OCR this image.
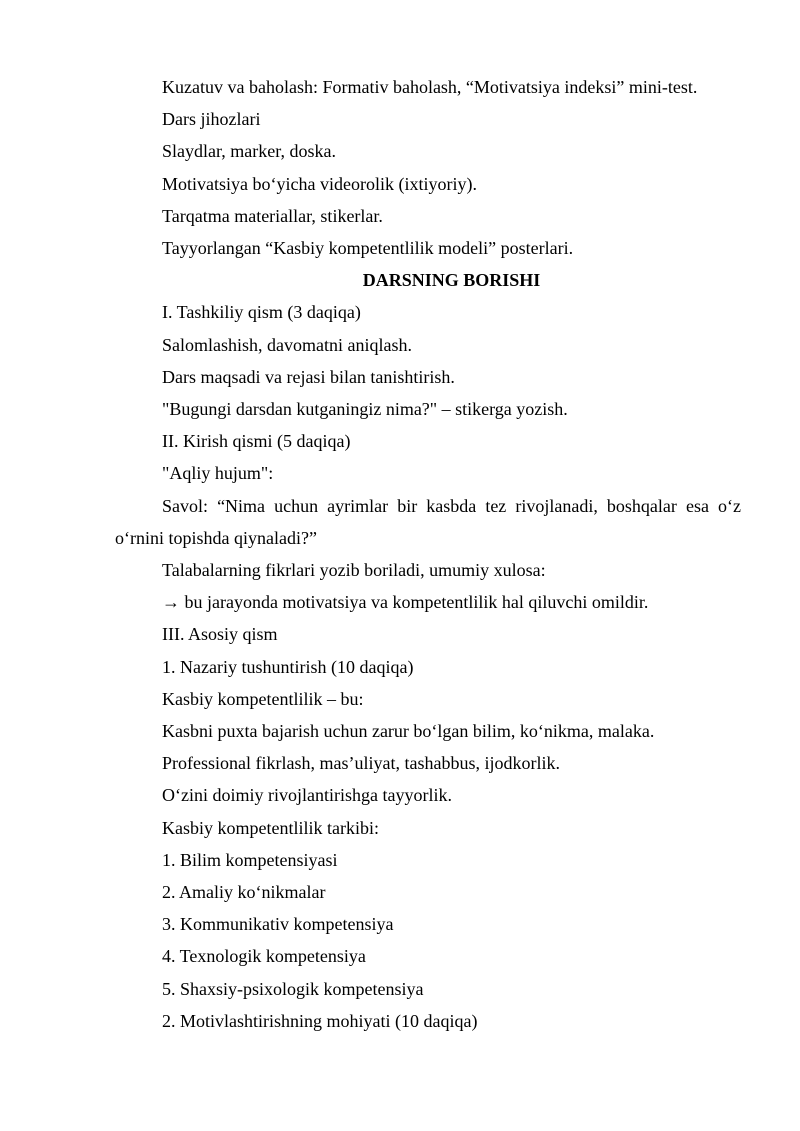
Kuzatuv va baholash: Formativ baholash, “Motivatsiya indeksi” mini-test.

Dars jihozlari

Slaydlar, marker, doska.

Motivatsiya bo‘yicha videorolik (ixtiyoriy).

Tarqatma materiallar, stikerlar.

Tayyorlangan “Kasbiy kompetentlilik modeli” posterlari.

DARSNING BORISHI

I. Tashkiliy qism (3 daqiqa)

Salomlashish, davomatni aniqlash.

Dars maqsadi va rejasi bilan tanishtirish.

"Bugungi darsdan kutganingiz nima?" – stikerga yozish.

II. Kirish qismi (5 daqiqa)

"Aqliy hujum":

Savol: “Nima uchun ayrimlar bir kasbda tez rivojlanadi, boshqalar esa o‘z o‘rnini topishda qiynaladi?”

Talabalarning fikrlari yozib boriladi, umumiy xulosa:

→ bu jarayonda motivatsiya va kompetentlilik hal qiluvchi omildir.

III. Asosiy qism

1. Nazariy tushuntirish (10 daqiqa)

Kasbiy kompetentlilik – bu:

Kasbni puxta bajarish uchun zarur bo‘lgan bilim, ko‘nikma, malaka.

Professional fikrlash, mas’uliyat, tashabbus, ijodkorlik.

O‘zini doimiy rivojlantirishga tayyorlik.

Kasbiy kompetentlilik tarkibi:

1. Bilim kompetensiyasi

2. Amaliy ko‘nikmalar

3. Kommunikativ kompetensiya

4. Texnologik kompetensiya

5. Shaxsiy-psixologik kompetensiya

2. Motivlashtirishning mohiyati (10 daqiqa)
